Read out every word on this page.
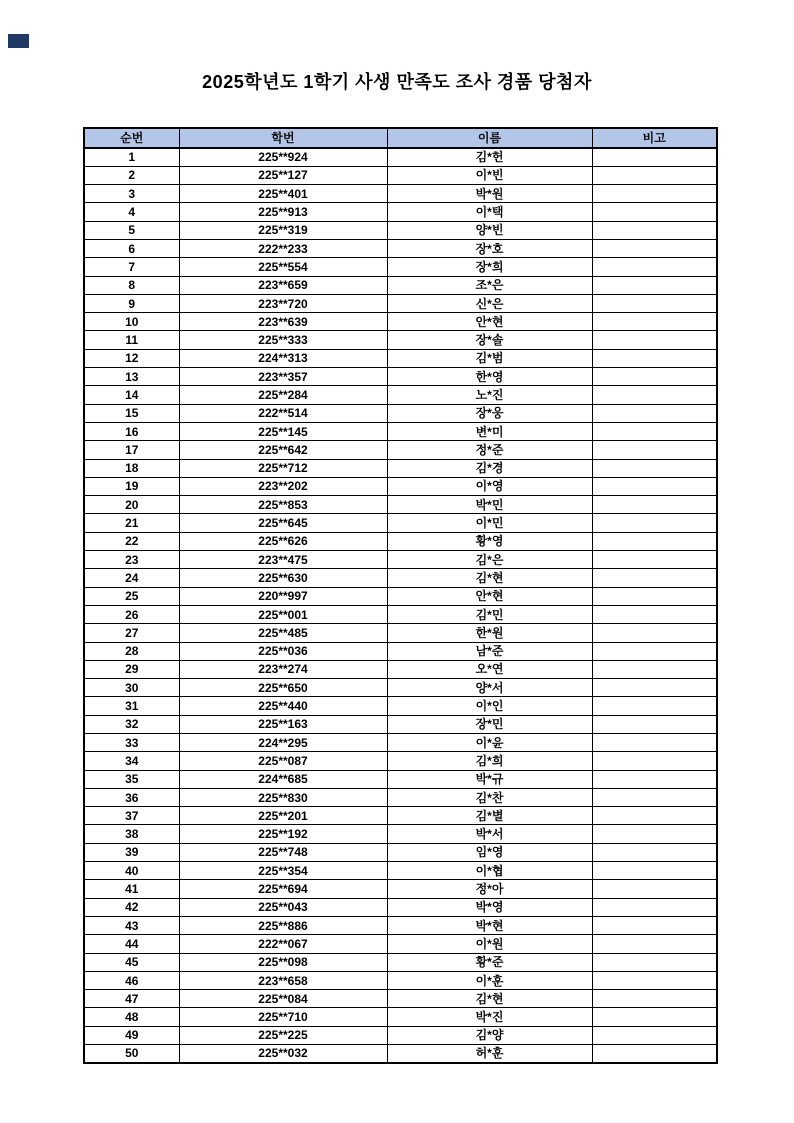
2025학년도 1학기 사생 만족도 조사 경품 당첨자
순번	학번	이름	비고
1	225**924	김*헌	
2	225**127	이*빈	
3	225**401	박*원	
4	225**913	이*택	
5	225**319	양*빈	
6	222**233	장*호	
7	225**554	장*희	
8	223**659	조*은	
9	223**720	신*은	
10	223**639	안*현	
11	225**333	장*솔	
12	224**313	김*범	
13	223**357	한*영	
14	225**284	노*진	
15	222**514	장*웅	
16	225**145	변*미	
17	225**642	정*준	
18	225**712	김*경	
19	223**202	이*영	
20	225**853	박*민	
21	225**645	이*민	
22	225**626	황*영	
23	223**475	김*은	
24	225**630	김*현	
25	220**997	안*현	
26	225**001	김*민	
27	225**485	한*원	
28	225**036	남*준	
29	223**274	오*연	
30	225**650	양*서	
31	225**440	이*인	
32	225**163	장*민	
33	224**295	이*윤	
34	225**087	김*희	
35	224**685	박*규	
36	225**830	김*찬	
37	225**201	김*별	
38	225**192	박*서	
39	225**748	임*영	
40	225**354	이*협	
41	225**694	정*아	
42	225**043	박*영	
43	225**886	박*현	
44	222**067	이*원	
45	225**098	황*준	
46	223**658	이*훈	
47	225**084	김*현	
48	225**710	박*진	
49	225**225	김*양	
50	225**032	허*훈	
